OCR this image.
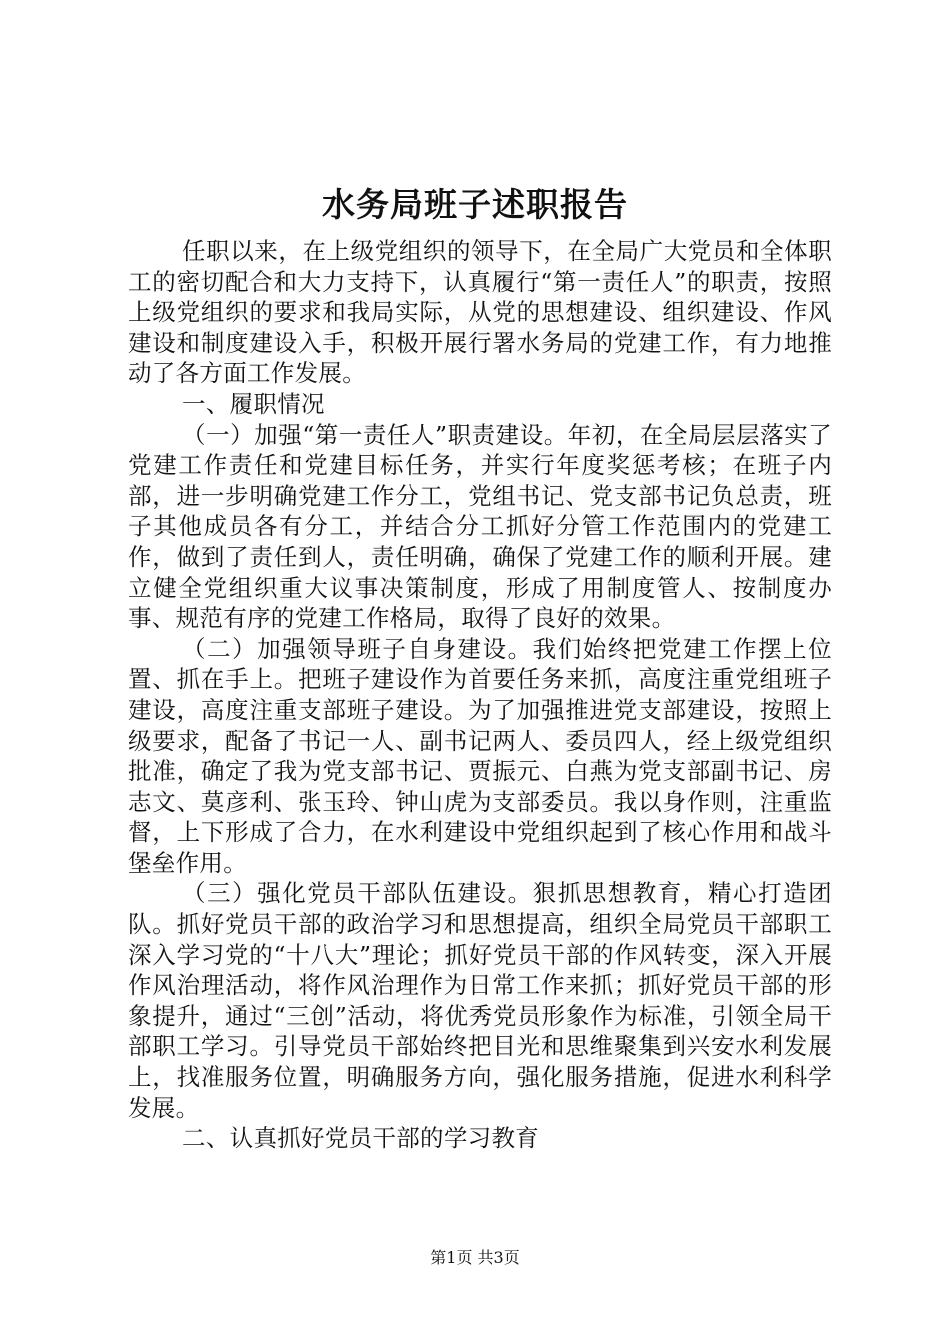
水务局班子述职报告

任职以来，在上级党组织的领导下，在全局广大党员和全体职工的密切配合和大力支持下，认真履行“第一责任人”的职责，按照上级党组织的要求和我局实际，从党的思想建设、组织建设、作风建设和制度建设入手，积极开展行署水务局的党建工作，有力地推动了各方面工作发展。

一、履职情况

（一）加强“第一责任人”职责建设。年初，在全局层层落实了党建工作责任和党建目标任务，并实行年度奖惩考核；在班子内部，进一步明确党建工作分工，党组书记、党支部书记负总责，班子其他成员各有分工，并结合分工抓好分管工作范围内的党建工作，做到了责任到人，责任明确，确保了党建工作的顺利开展。建立健全党组织重大议事决策制度，形成了用制度管人、按制度办事、规范有序的党建工作格局，取得了良好的效果。

（二）加强领导班子自身建设。我们始终把党建工作摆上位置、抓在手上。把班子建设作为首要任务来抓，高度注重党组班子建设，高度注重支部班子建设。为了加强推进党支部建设，按照上级要求，配备了书记一人、副书记两人、委员四人，经上级党组织批准，确定了我为党支部书记、贾振元、白燕为党支部副书记、房志文、莫彦利、张玉玲、钟山虎为支部委员。我以身作则，注重监督，上下形成了合力，在水利建设中党组织起到了核心作用和战斗堡垒作用。

（三）强化党员干部队伍建设。狠抓思想教育，精心打造团队。抓好党员干部的政治学习和思想提高，组织全局党员干部职工深入学习党的“十八大”理论；抓好党员干部的作风转变，深入开展作风治理活动，将作风治理作为日常工作来抓；抓好党员干部的形象提升，通过“三创”活动，将优秀党员形象作为标准，引领全局干部职工学习。引导党员干部始终把目光和思维聚集到兴安水利发展上，找准服务位置，明确服务方向，强化服务措施，促进水利科学发展。

二、认真抓好党员干部的学习教育

第1页 共3页
